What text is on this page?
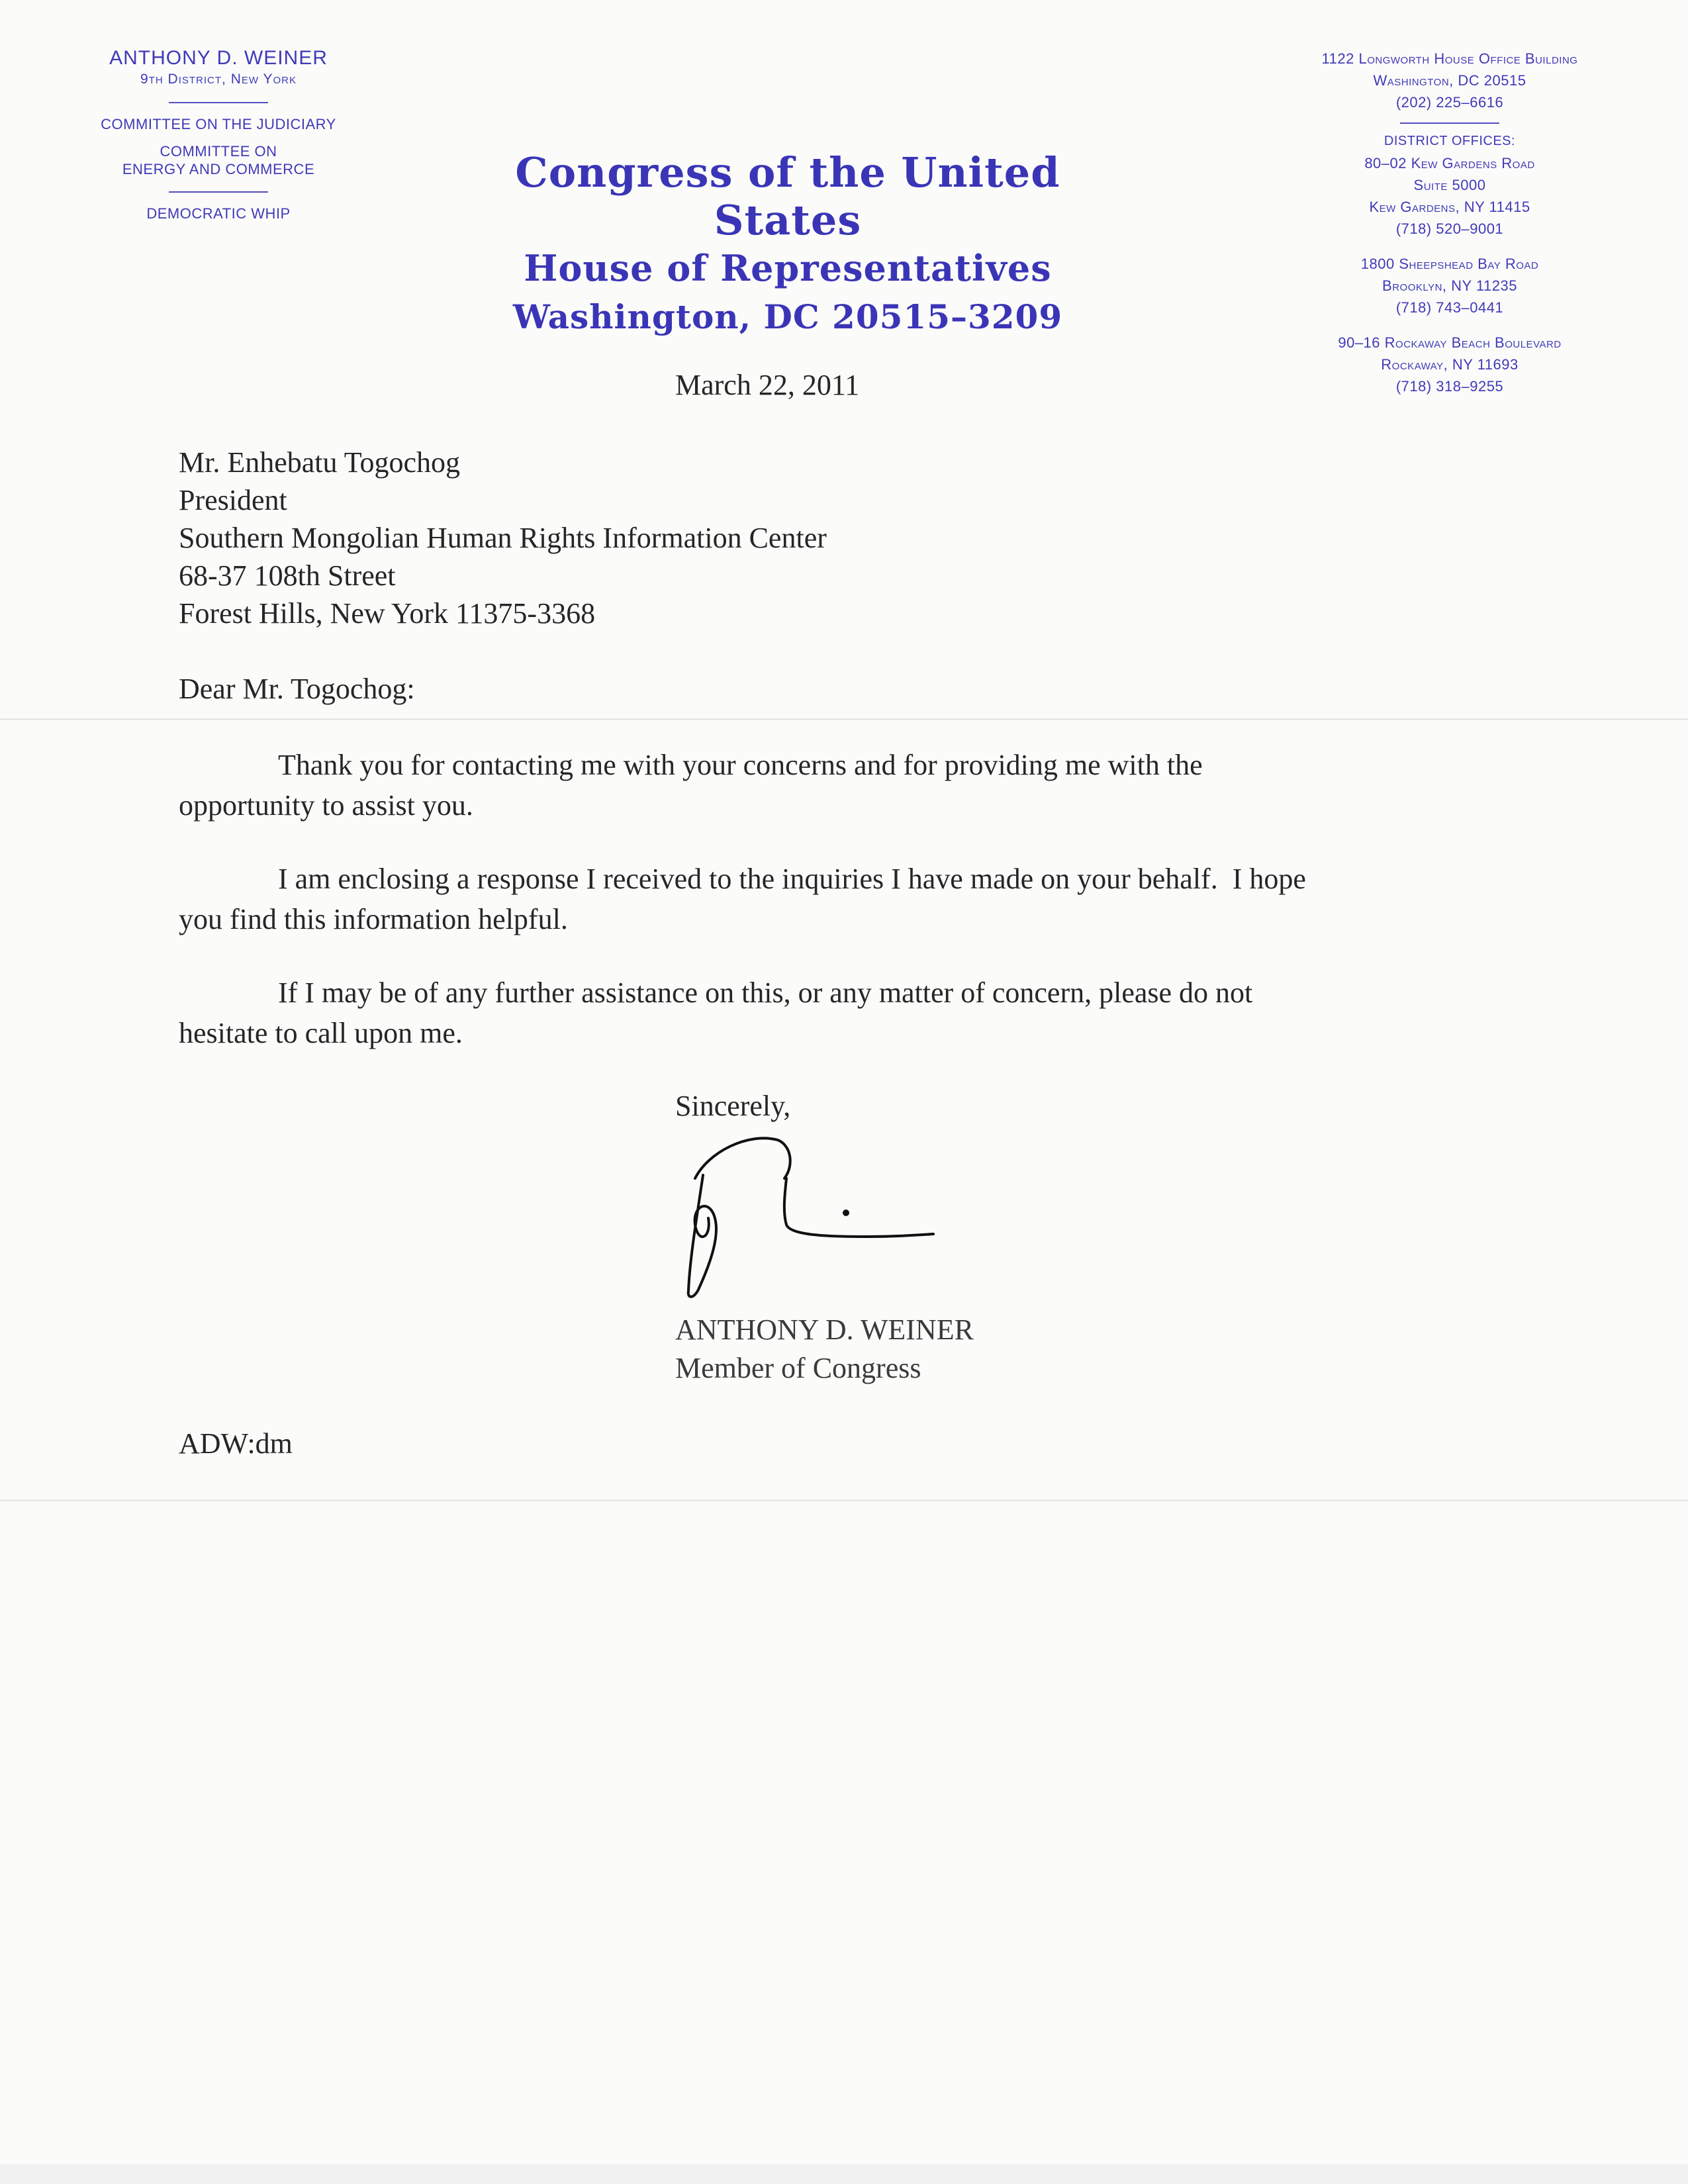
ANTHONY D. WEINER
9th District, New York
COMMITTEE ON THE JUDICIARY
COMMITTEE ON
ENERGY AND COMMERCE
DEMOCRATIC WHIP
Congress of the United States
House of Representatives
Washington, DC 20515–3209
1122 Longworth House Office Building
Washington, DC 20515
(202) 225–6616
DISTRICT OFFICES:
80–02 Kew Gardens Road
Suite 5000
Kew Gardens, NY 11415
(718) 520–9001
1800 Sheepshead Bay Road
Brooklyn, NY 11235
(718) 743–0441
90–16 Rockaway Beach Boulevard
Rockaway, NY 11693
(718) 318–9255
March 22, 2011
Mr. Enhebatu Togochog
President
Southern Mongolian Human Rights Information Center
68-37 108th Street
Forest Hills, New York 11375-3368
Dear Mr. Togochog:
Thank you for contacting me with your concerns and for providing me with the
opportunity to assist you.
I am enclosing a response I received to the inquiries I have made on your behalf.  I hope
you find this information helpful.
If I may be of any further assistance on this, or any matter of concern, please do not
hesitate to call upon me.
Sincerely,
ANTHONY D. WEINER
Member of Congress
ADW:dm
